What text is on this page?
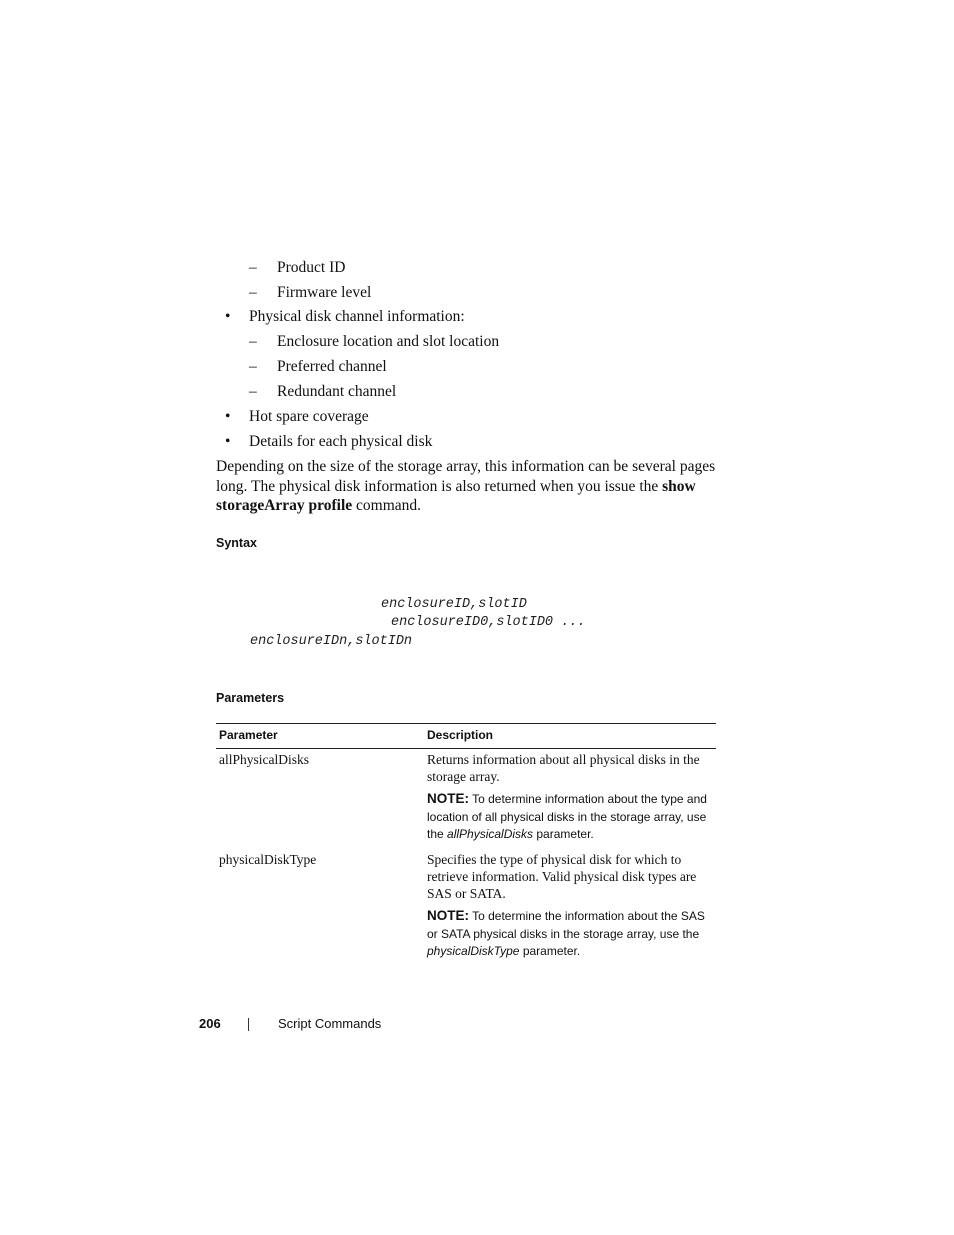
– Product ID
– Firmware level
• Physical disk channel information:
– Enclosure location and slot location
– Preferred channel
– Redundant channel
• Hot spare coverage
• Details for each physical disk
Depending on the size of the storage array, this information can be several pages long. The physical disk information is also returned when you issue the show storageArray profile command.
Syntax
enclosureID,slotID
enclosureID0,slotID0 ...
enclosureIDn,slotIDn
Parameters
Parameter	Description
allPhysicalDisks	Returns information about all physical disks in the storage array.
NOTE: To determine information about the type and location of all physical disks in the storage array, use the allPhysicalDisks parameter.
physicalDiskType	Specifies the type of physical disk for which to retrieve information. Valid physical disk types are SAS or SATA.
NOTE: To determine the information about the SAS or SATA physical disks in the storage array, use the physicalDiskType parameter.
206	Script Commands
